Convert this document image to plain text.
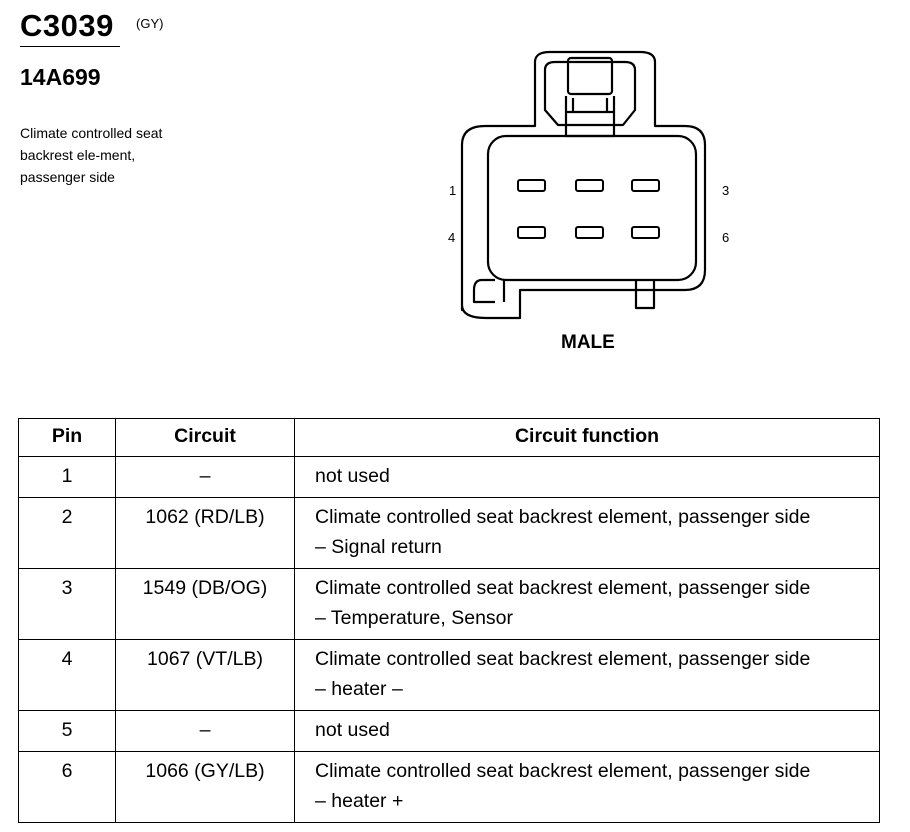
C3039 (GY)
14A699
Climate controlled seat backrest ele-ment, passenger side
1	3
4	6
MALE
Pin	Circuit	Circuit function
1	–	not used
2	1062 (RD/LB)	Climate controlled seat backrest element, passenger side – Signal return
3	1549 (DB/OG)	Climate controlled seat backrest element, passenger side – Temperature, Sensor
4	1067 (VT/LB)	Climate controlled seat backrest element, passenger side – heater –
5	–	not used
6	1066 (GY/LB)	Climate controlled seat backrest element, passenger side – heater +
